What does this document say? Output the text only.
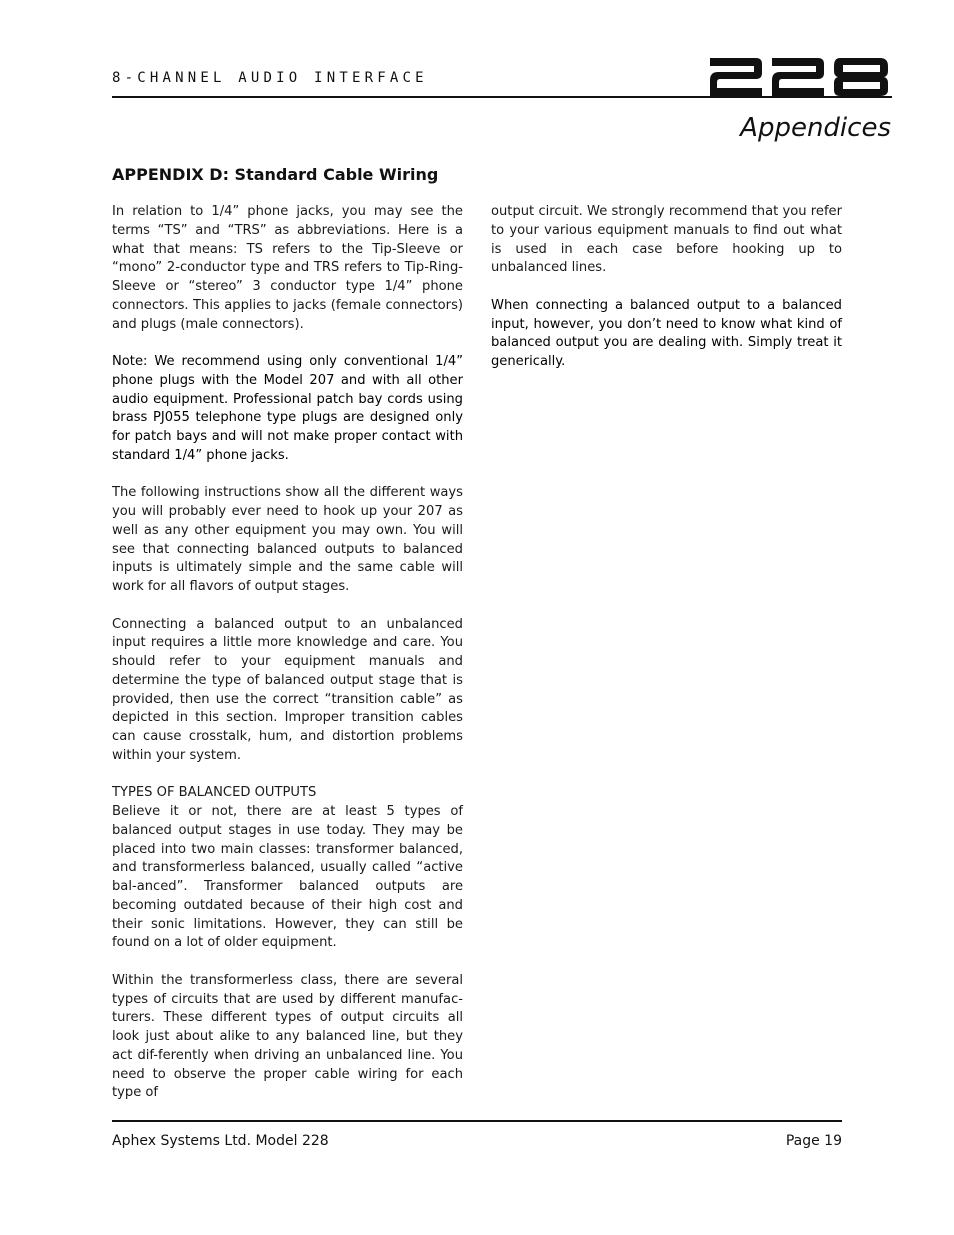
8-CHANNEL AUDIO INTERFACE
Appendices
APPENDIX D: Standard Cable Wiring

In relation to 1/4” phone jacks, you may see the terms “TS” and “TRS” as abbreviations. Here is a what that means: TS refers to the Tip-Sleeve or “mono” 2-conductor type and TRS refers to Tip-Ring-Sleeve or “stereo” 3 conductor type 1/4” phone connectors. This applies to jacks (female connectors) and plugs (male connectors).

Note: We recommend using only conventional 1/4” phone plugs with the Model 207 and with all other audio equipment. Professional patch bay cords using brass PJ055 telephone type plugs are designed only for patch bays and will not make proper contact with standard 1/4” phone jacks.

The following instructions show all the different ways you will probably ever need to hook up your 207 as well as any other equipment you may own. You will see that connecting balanced outputs to balanced inputs is ultimately simple and the same cable will work for all flavors of output stages.

Connecting a balanced output to an unbalanced input requires a little more knowledge and care. You should refer to your equipment manuals and determine the type of balanced output stage that is provided, then use the correct “transition cable” as depicted in this section. Improper transition cables can cause crosstalk, hum, and distortion problems within your system.

TYPES OF BALANCED OUTPUTS

Believe it or not, there are at least 5 types of balanced output stages in use today. They may be placed into two main classes: transformer balanced, and transformerless balanced, usually called “active bal-anced”. Transformer balanced outputs are becoming outdated because of their high cost and their sonic limitations. However, they can still be found on a lot of older equipment.

Within the transformerless class, there are several types of circuits that are used by different manufac-turers. These different types of output circuits all look just about alike to any balanced line, but they act dif-ferently when driving an unbalanced line. You need to observe the proper cable wiring for each type of

output circuit. We strongly recommend that you refer to your various equipment manuals to find out what is used in each case before hooking up to unbalanced lines.

When connecting a balanced output to a balanced input, however, you don’t need to know what kind of balanced output you are dealing with. Simply treat it generically.

Aphex Systems Ltd. Model 228	Page 19
